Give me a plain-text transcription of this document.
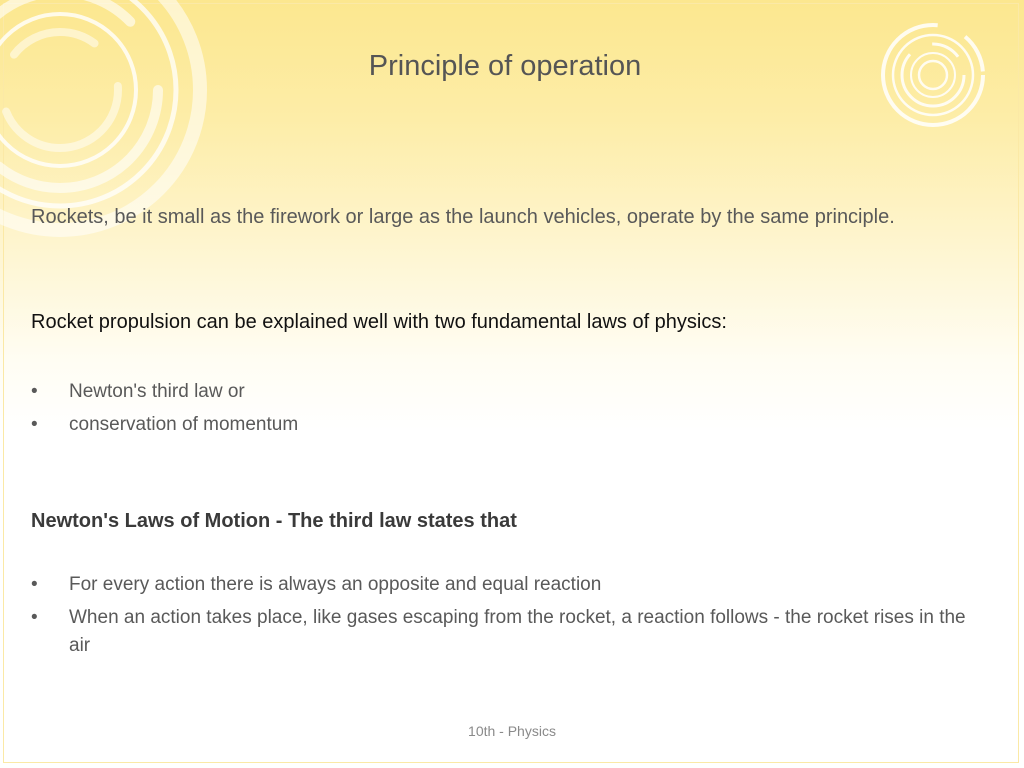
Principle of operation

Rockets, be it small as the firework or large as the launch vehicles, operate by the same principle.

Rocket propulsion can be explained well with two fundamental laws of physics:

• Newton's third law or
• conservation of momentum

Newton's Laws of Motion - The third law states that

• For every action there is always an opposite and equal reaction
• When an action takes place, like gases escaping from the rocket, a reaction follows - the rocket rises in the air
10th - Physics
